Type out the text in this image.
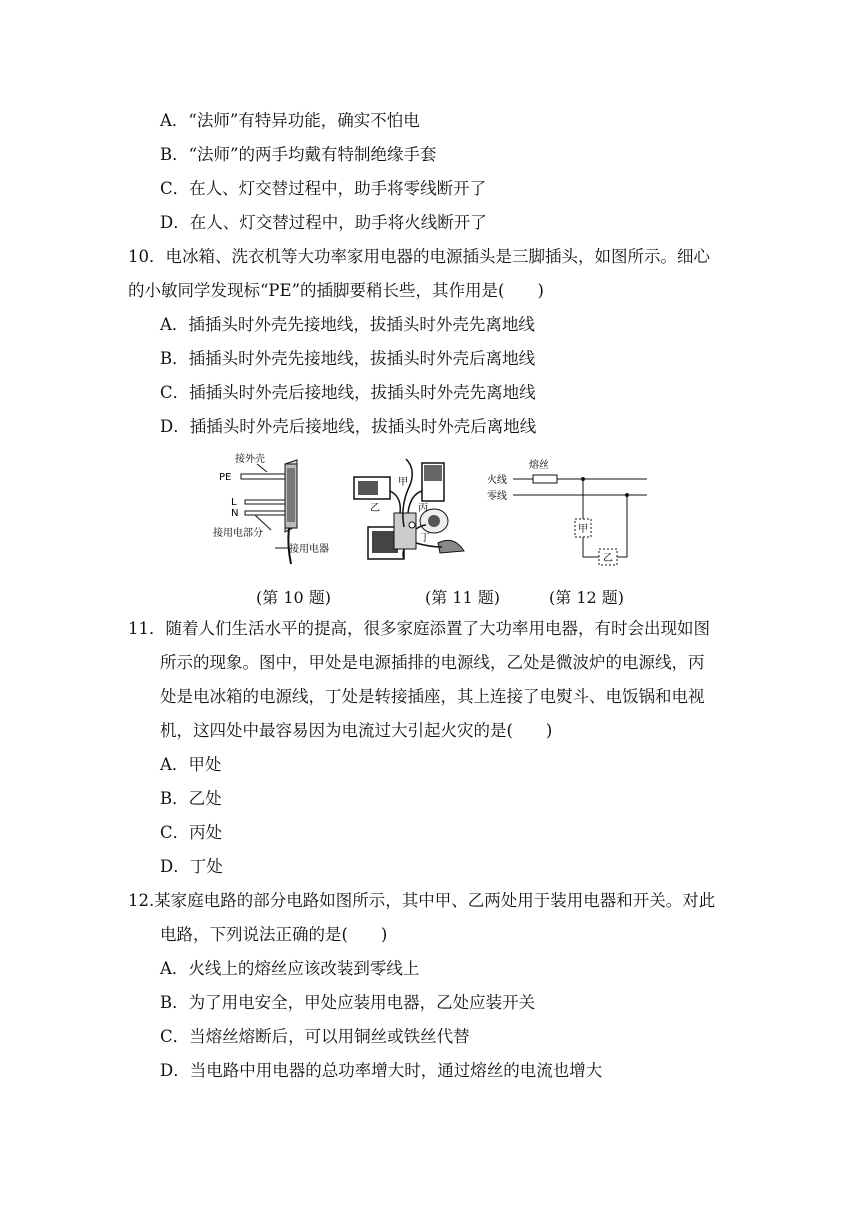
A．“法师”有特异功能，确实不怕电
B．“法师”的两手均戴有特制绝缘手套
C．在人、灯交替过程中，助手将零线断开了
D．在人、灯交替过程中，助手将火线断开了
10．电冰箱、洗衣机等大功率家用电器的电源插头是三脚插头，如图所示。细心
的小敏同学发现标“PE”的插脚要稍长些，其作用是(　　)
A．插插头时外壳先接地线，拔插头时外壳先离地线
B．插插头时外壳先接地线，拔插头时外壳后离地线
C．插插头时外壳后接地线，拔插头时外壳先离地线
D．插插头时外壳后接地线，拔插头时外壳后离地线
接外壳
PE
L
N
接用电部分
接用电器
甲
乙	丙
丁
熔丝
火线
零线
甲
乙
(第 10 题)	(第 11 题)	(第 12 题)
11．随着人们生活水平的提高，很多家庭添置了大功率用电器，有时会出现如图
所示的现象。图中，甲处是电源插排的电源线，乙处是微波炉的电源线，丙
处是电冰箱的电源线，丁处是转接插座，其上连接了电熨斗、电饭锅和电视
机，这四处中最容易因为电流过大引起火灾的是(　　)
A．甲处
B．乙处
C．丙处
D．丁处
12.某家庭电路的部分电路如图所示，其中甲、乙两处用于装用电器和开关。对此
电路，下列说法正确的是(　　)
A．火线上的熔丝应该改装到零线上
B．为了用电安全，甲处应装用电器，乙处应装开关
C．当熔丝熔断后，可以用铜丝或铁丝代替
D．当电路中用电器的总功率增大时，通过熔丝的电流也增大
